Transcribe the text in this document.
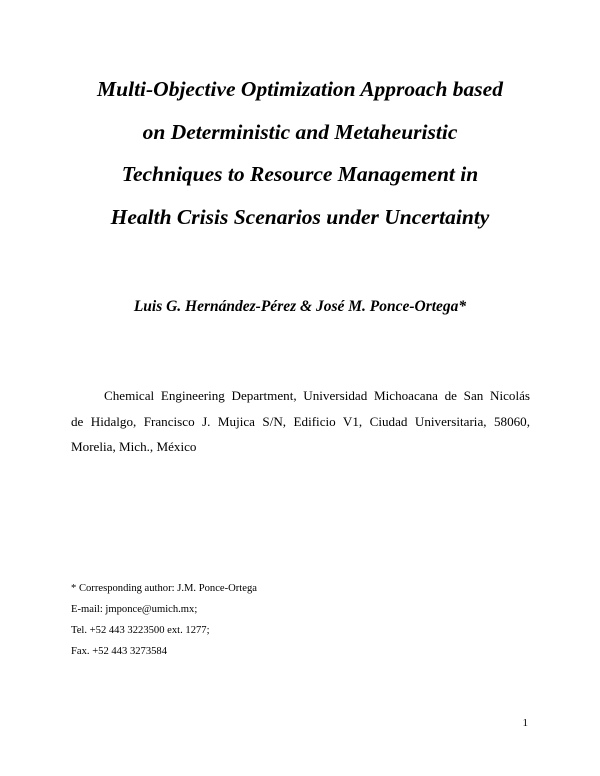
Multi-Objective Optimization Approach based
on Deterministic and Metaheuristic
Techniques to Resource Management in
Health Crisis Scenarios under Uncertainty

Luis G. Hernández-Pérez & José M. Ponce-Ortega*

Chemical Engineering Department, Universidad Michoacana de San Nicolás
de Hidalgo, Francisco J. Mujica S/N, Edificio V1, Ciudad Universitaria, 58060,
Morelia, Mich., México
* Corresponding author: J.M. Ponce-Ortega
E-mail: jmponce@umich.mx;
Tel. +52 443 3223500 ext. 1277;
Fax. +52 443 3273584
1
